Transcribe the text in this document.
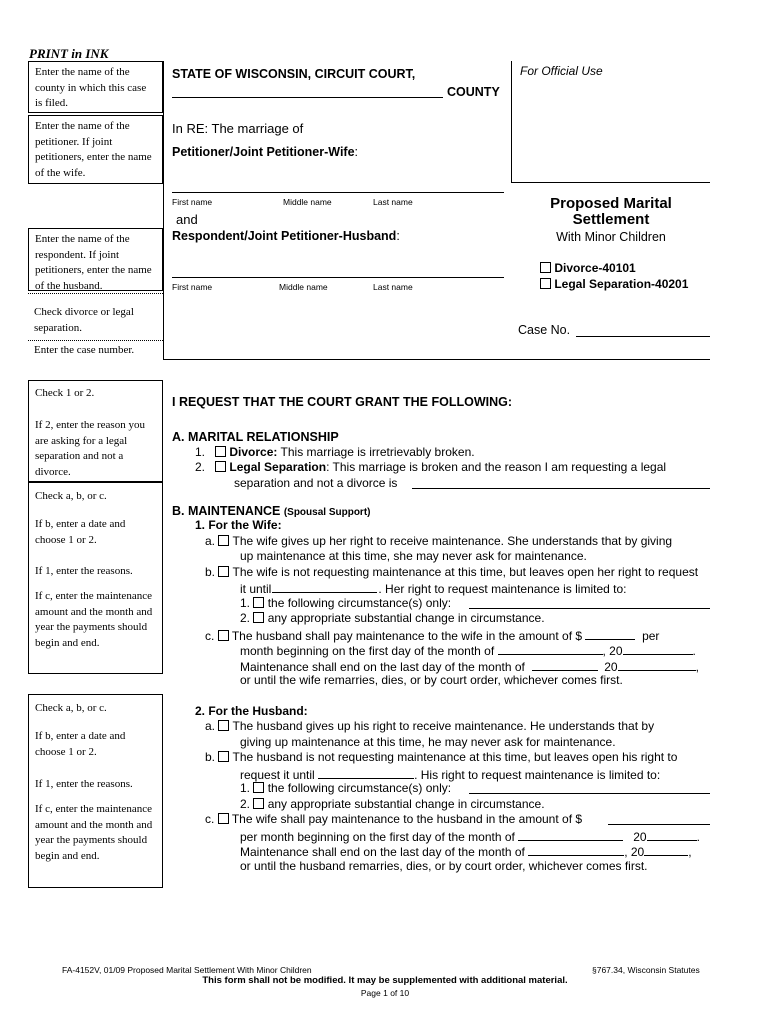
PRINT in INK
Enter the name of the county in which this case is filed.
Enter the name of the petitioner. If joint petitioners, enter the name of the wife.
Enter the name of the respondent. If joint petitioners, enter the name of the husband.
Check divorce or legal separation.
Enter the case number.
STATE OF WISCONSIN, CIRCUIT COURT,
COUNTY
For Official Use
In RE: The marriage of
Petitioner/Joint Petitioner-Wife:
First name	Middle name	Last name
and
Respondent/Joint Petitioner-Husband:
First name	Middle name	Last name
Proposed Marital
Settlement
With Minor Children
Divorce-40101
Legal Separation-40201
Case No.
Check 1 or 2.
If 2, enter the reason you are asking for a legal separation and not a divorce.
Check a, b, or c.
If b, enter a date and choose 1 or 2.
If 1, enter the reasons.
If c, enter the maintenance amount and the month and year the payments should begin and end.
Check a, b, or c.
If b, enter a date and choose 1 or 2.
If 1, enter the reasons.
If c, enter the maintenance amount and the month and year the payments should begin and end.
I REQUEST THAT THE COURT GRANT THE FOLLOWING:
A. MARITAL RELATIONSHIP
1. Divorce: This marriage is irretrievably broken.
2. Legal Separation: This marriage is broken and the reason I am requesting a legal
separation and not a divorce is
B. MAINTENANCE (Spousal Support)
1. For the Wife:
a. The wife gives up her right to receive maintenance. She understands that by giving
up maintenance at this time, she may never ask for maintenance.
b. The wife is not requesting maintenance at this time, but leaves open her right to request
it until	. Her right to request maintenance is limited to:
1. the following circumstance(s) only:
2. any appropriate substantial change in circumstance.
c. The husband shall pay maintenance to the wife in the amount of $	per
month beginning on the first day of the month of	, 20	.
Maintenance shall end on the last day of the month of	20	,
or until the wife remarries, dies, or by court order, whichever comes first.
2. For the Husband:
a. The husband gives up his right to receive maintenance. He understands that by
giving up maintenance at this time, he may never ask for maintenance.
b. The husband is not requesting maintenance at this time, but leaves open his right to
request it until	. His right to request maintenance is limited to:
1. the following circumstance(s) only:
2. any appropriate substantial change in circumstance.
c. The wife shall pay maintenance to the husband in the amount of $
per month beginning on the first day of the month of	20	.
Maintenance shall end on the last day of the month of	, 20	,
or until the husband remarries, dies, or by court order, whichever comes first.
FA-4152V, 01/09 Proposed Marital Settlement With Minor Children	§767.34, Wisconsin Statutes
This form shall not be modified. It may be supplemented with additional material.
Page 1 of 10
